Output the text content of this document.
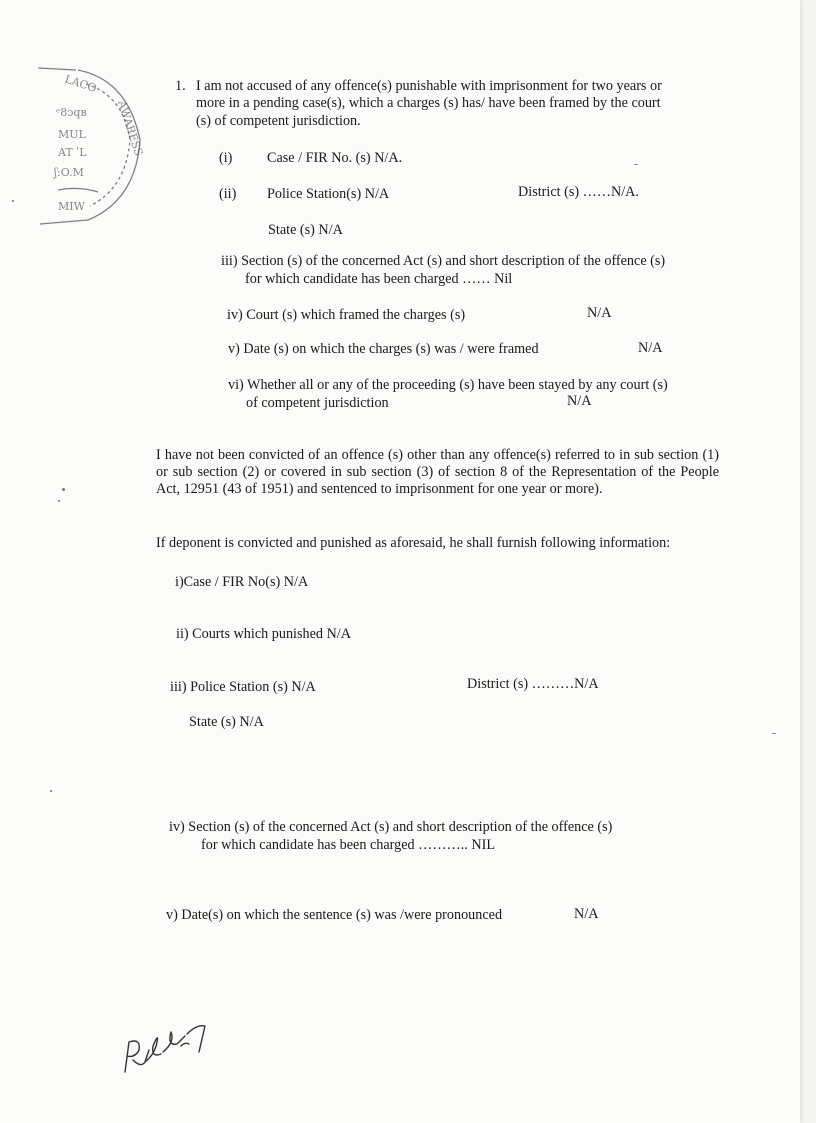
LACO
AWARESS
ᵉ8ɔqʙ
MUL
AT ʹL
ʃ:O.M
MIW
1. I am not accused of any offence(s) punishable with imprisonment for two years or
more in a pending case(s), which a charges (s) has/ have been framed by the court
(s) of competent jurisdiction.
(i) Case / FIR No. (s) N/A.
(ii) Police Station(s) N/A	District (s) ……N/A.
State (s) N/A
iii) Section (s) of the concerned Act (s) and short description of the offence (s)
for which candidate has been charged …… Nil
iv) Court (s) which framed the charges (s)	N/A
v) Date (s) on which the charges (s) was / were framed	N/A
vi) Whether all or any of the proceeding (s) have been stayed by any court (s)
of competent jurisdiction	N/A
I have not been convicted of an offence (s) other than any offence(s) referred to in sub section (1) or sub section (2) or covered in sub section (3) of section 8 of the Representation of the People Act, 12951 (43 of 1951) and sentenced to imprisonment for one year or more).
If deponent is convicted and punished as aforesaid, he shall furnish following information:
i)Case / FIR No(s) N/A
ii) Courts which punished N/A
iii) Police Station (s) N/A	District (s) ………N/A
State (s) N/A
iv) Section (s) of the concerned Act (s) and short description of the offence (s)
for which candidate has been charged ……….. NIL
v) Date(s) on which the sentence (s) was /were pronounced	N/A
